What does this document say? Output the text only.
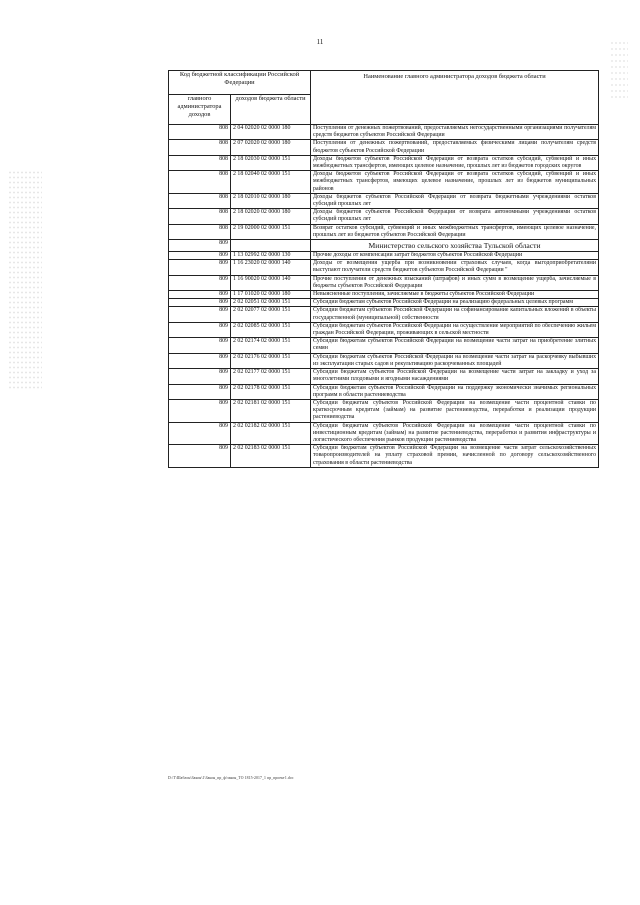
11
Код бюджетной классификации Российской Федерации		Наименование главного администратора доходов бюджета области
главного администратора доходов	доходов бюджета области	
808	2 04 02020 02 0000 180	Поступления от денежных пожертвований, предоставляемых негосударственными организациями получателям средств бюджетов субъектов Российской Федерации
808	2 07 02020 02 0000 180	Поступления от денежных пожертвований, предоставляемых физическими лицами получателям средств бюджетов субъектов Российской Федерации
808	2 18 02030 02 0000 151	Доходы бюджетов субъектов Российской Федерации от возврата остатков субсидий, субвенций и иных межбюджетных трансфертов, имеющих целевое назначение, прошлых лет из бюджетов городских округов
808	2 18 02040 02 0000 151	Доходы бюджетов субъектов Российской Федерации от возврата остатков субсидий, субвенций и иных межбюджетных трансфертов, имеющих целевое назначение, прошлых лет из бюджетов муниципальных районов
808	2 18 02010 02 0000 180	Доходы бюджетов субъектов Российской Федерации от возврата бюджетными учреждениями остатков субсидий прошлых лет
808	2 18 02020 02 0000 180	Доходы бюджетов субъектов Российской Федерации от возврата автономными учреждениями остатков субсидий прошлых лет
808	2 19 02000 02 0000 151	Возврат остатков субсидий, субвенций и иных межбюджетных трансфертов, имеющих целевое назначение, прошлых лет из бюджетов субъектов Российской Федерации
809		Министерство сельского хозяйства Тульской области
809	1 13 02992 02 0000 130	Прочие доходы от компенсации затрат бюджетов субъектов Российской Федерации
809	1 16 23020 02 0000 140	Доходы от возмещения ущерба при возникновении страховых случаев, когда выгодоприобретателями выступают получатели средств бюджетов субъектов Российской Федерации "
809	1 16 90020 02 0000 140	Прочие поступления от денежных взысканий (штрафов) и иных сумм в возмещение ущерба, зачисляемые в бюджеты субъектов Российской Федерации
809	1 17 01020 02 0000 180	Невыясненные поступления, зачисляемые в бюджеты субъектов Российской Федерации
809	2 02 02051 02 0000 151	Субсидии бюджетам субъектов Российской Федерации на реализацию федеральных целевых программ
809	2 02 02077 02 0000 151	Субсидии бюджетам субъектов Российской Федерации на софинансирование капитальных вложений в объекты государственной (муниципальной) собственности
809	2 02 02085 02 0000 151	Субсидии бюджетам субъектов Российской Федерации на осуществление мероприятий по обеспечению жильем граждан Российской Федерации, проживающих в сельской местности
809	2 02 02174 02 0000 151	Субсидии бюджетам субъектов Российской Федерации на возмещение части затрат на приобретение элитных семян
809	2 02 02176 02 0000 151	Субсидии бюджетам субъектов Российской Федерации на возмещение части затрат на раскорчевку выбывших из эксплуатации старых садов и рекультивацию раскорчеванных площадей
809	2 02 02177 02 0000 151	Субсидии бюджетам субъектов Российской Федерации на возмещение части затрат на закладку и уход за многолетними плодовыми и ягодными насаждениями
809	2 02 02178 02 0000 151	Субсидии бюджетам субъектов Российской Федерации на поддержку экономически значимых региональных программ в области растениеводства
809	2 02 02181 02 0000 151	Субсидии бюджетам субъектов Российской Федерации на возмещение части процентной ставки по краткосрочным кредитам (займам) на развитие растениеводства, переработки и реализации продукции растениеводства
809	2 02 02182 02 0000 151	Субсидии бюджетам субъектов Российской Федерации на возмещение части процентной ставки по инвестиционным кредитам (займам) на развитие растениеводства, переработки и развития инфраструктуры и логистического обеспечения рынков продукции растениеводства
809	2 02 02183 02 0000 151	Субсидии бюджетам субъектов Российской Федерации на возмещение части затрат сельскохозяйственных товаропроизводителей на уплату страховой премии, начисленной по договору сельскохозяйственного страхования в области растениеводства
D:\Т\Шаблон\Закон\1\Закон_пр_ф\закон_ТО 1815-2017_1 пр_проект1.doc
